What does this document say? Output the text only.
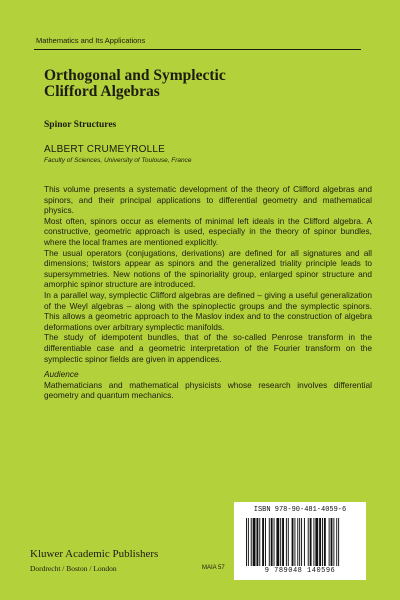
Mathematics and Its Applications
Orthogonal and Symplectic
Clifford Algebras
Spinor Structures
ALBERT CRUMEYROLLE
Faculty of Sciences, University of Toulouse, France

This volume presents a systematic development of the theory of Clifford algebras and spinors, and their principal applications to differential geometry and mathematical physics.

Most often, spinors occur as elements of minimal left ideals in the Clifford algebra. A constructive, geometric approach is used, especially in the theory of spinor bundles, where the local frames are mentioned explicitly.

The usual operators (conjugations, derivations) are defined for all signatures and all dimensions; twistors appear as spinors and the generalized triality principle leads to supersymmetries. New notions of the spinoriality group, enlarged spinor structure and amorphic spinor structure are introduced.

In a parallel way, symplectic Clifford algebras are defined – giving a useful generalization of the Weyl algebras – along with the spinoplectic groups and the symplectic spinors. This allows a geometric approach to the Maslov index and to the construction of algebra deformations over arbitrary symplectic manifolds.

The study of idempotent bundles, that of the so-called Penrose transform in the differentiable case and a geometric interpretation of the Fourier transform on the symplectic spinor fields are given in appendices.

Audience

Mathematicians and mathematical physicists whose research involves differential geometry and quantum mechanics.

ISBN 978-90-481-4059-6
9 789048 140596
Kluwer Academic Publishers
Dordrecht / Boston / London	MAIA 57
